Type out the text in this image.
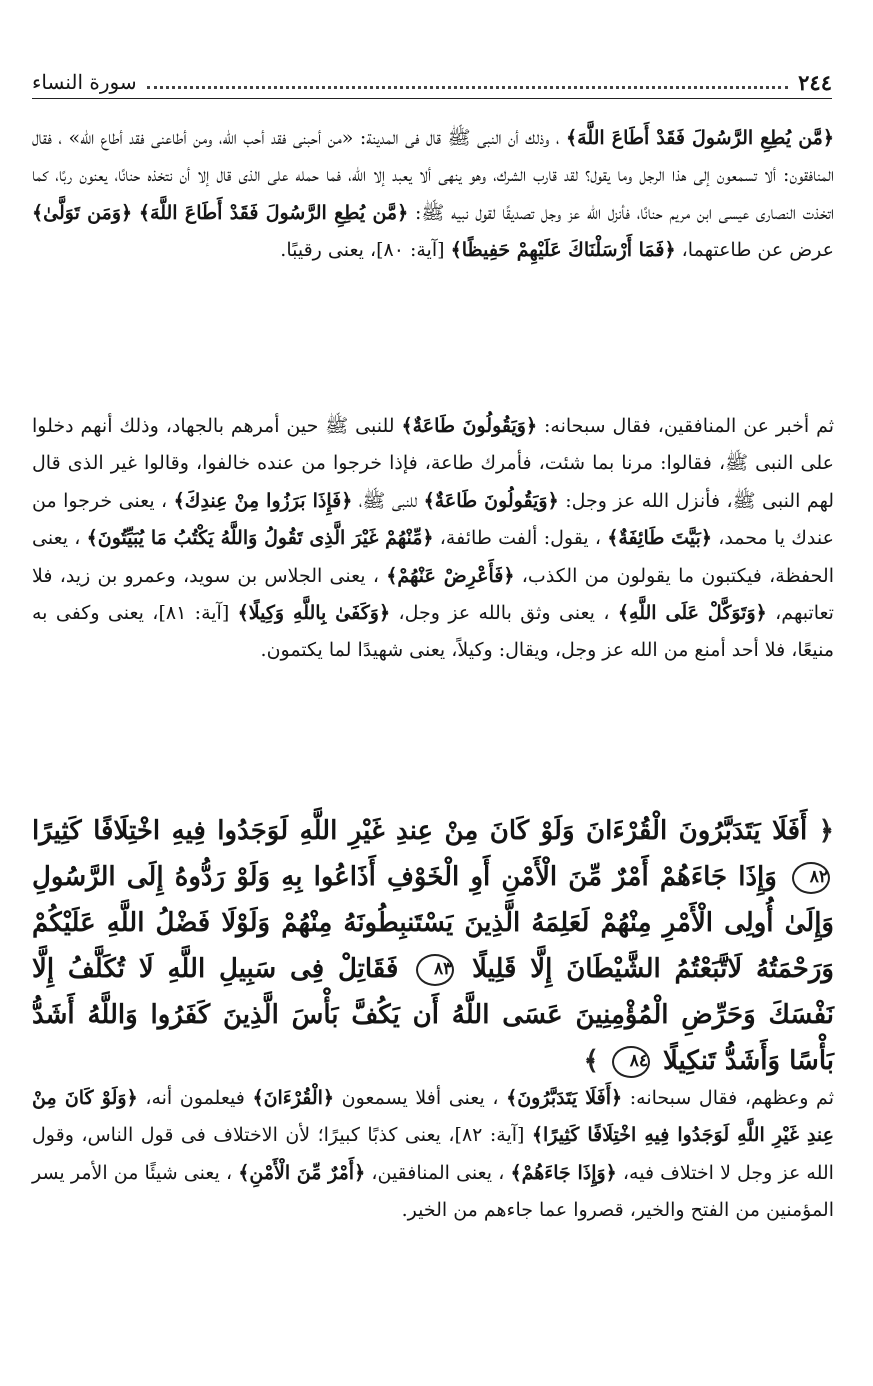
٢٤٤
سورة النساء
﴿مَّن يُطِعِ الرَّسُولَ فَقَدْ أَطَاعَ اللَّهَ﴾ ، وذلك أن النبى ﷺ قال فى المدينة: «من أحبنى فقد أحب الله، ومن أطاعنى فقد أطاع الله» ، فقال المنافقون: ألا تسمعون إلى هذا الرجل وما يقول؟ لقد قارب الشرك، وهو ينهى ألا يعبد إلا الله، فما حمله على الذى قال إلا أن نتخذه حنانًا، يعنون ربًا، كما اتخذت النصارى عيسى ابن مريم حنانًا، فأنزل الله عز وجل تصديقًا لقول نبيه ﷺ: ﴿مَّن يُطِعِ الرَّسُولَ فَقَدْ أَطَاعَ اللَّهَ﴾ ﴿وَمَن تَوَلَّىٰ﴾ عرض عن طاعتهما، ﴿فَمَا أَرْسَلْنَاكَ عَلَيْهِمْ حَفِيظًا﴾ [آية: ٨٠]، يعنى رقيبًا.
ثم أخبر عن المنافقين، فقال سبحانه: ﴿وَيَقُولُونَ طَاعَةٌ﴾ للنبى ﷺ حين أمرهم بالجهاد، وذلك أنهم دخلوا على النبى ﷺ، فقالوا: مرنا بما شئت، فأمرك طاعة، فإذا خرجوا من عنده خالفوا، وقالوا غير الذى قال لهم النبى ﷺ، فأنزل الله عز وجل: ﴿وَيَقُولُونَ طَاعَةٌ﴾ للنبى ﷺ، ﴿فَإِذَا بَرَزُوا مِنْ عِندِكَ﴾ ، يعنى خرجوا من عندك يا محمد، ﴿بَيَّتَ طَائِفَةٌ﴾ ، يقول: ألفت طائفة، ﴿مِّنْهُمْ غَيْرَ الَّذِى تَقُولُ وَاللَّهُ يَكْتُبُ مَا يُبَيِّتُونَ﴾ ، يعنى الحفظة، فيكتبون ما يقولون من الكذب، ﴿فَأَعْرِضْ عَنْهُمْ﴾ ، يعنى الجلاس بن سويد، وعمرو بن زيد، فلا تعاتبهم، ﴿وَتَوَكَّلْ عَلَى اللَّهِ﴾ ، يعنى وثق بالله عز وجل، ﴿وَكَفَىٰ بِاللَّهِ وَكِيلًا﴾ [آية: ٨١]، يعنى وكفى به منيعًا، فلا أحد أمنع من الله عز وجل، ويقال: وكيلاً، يعنى شهيدًا لما يكتمون.
﴿ أَفَلَا يَتَدَبَّرُونَ الْقُرْءَانَ وَلَوْ كَانَ مِنْ عِندِ غَيْرِ اللَّهِ لَوَجَدُوا فِيهِ اخْتِلَافًا كَثِيرًا ٨٢ وَإِذَا جَاءَهُمْ أَمْرٌ مِّنَ الْأَمْنِ أَوِ الْخَوْفِ أَذَاعُوا بِهِ وَلَوْ رَدُّوهُ إِلَى الرَّسُولِ وَإِلَىٰ أُولِى الْأَمْرِ مِنْهُمْ لَعَلِمَهُ الَّذِينَ يَسْتَنبِطُونَهُ مِنْهُمْ وَلَوْلَا فَضْلُ اللَّهِ عَلَيْكُمْ وَرَحْمَتُهُ لَاتَّبَعْتُمُ الشَّيْطَانَ إِلَّا قَلِيلًا ٨٣ فَقَاتِلْ فِى سَبِيلِ اللَّهِ لَا تُكَلَّفُ إِلَّا نَفْسَكَ وَحَرِّضِ الْمُؤْمِنِينَ عَسَى اللَّهُ أَن يَكُفَّ بَأْسَ الَّذِينَ كَفَرُوا وَاللَّهُ أَشَدُّ بَأْسًا وَأَشَدُّ تَنكِيلًا ٨٤ ﴾
ثم وعظهم، فقال سبحانه: ﴿أَفَلَا يَتَدَبَّرُونَ﴾ ، يعنى أفلا يسمعون ﴿الْقُرْءَانَ﴾ فيعلمون أنه، ﴿وَلَوْ كَانَ مِنْ عِندِ غَيْرِ اللَّهِ لَوَجَدُوا فِيهِ اخْتِلَافًا كَثِيرًا﴾ [آية: ٨٢]، يعنى كذبًا كبيرًا؛ لأن الاختلاف فى قول الناس، وقول الله عز وجل لا اختلاف فيه، ﴿وَإِذَا جَاءَهُمْ﴾ ، يعنى المنافقين، ﴿أَمْرٌ مِّنَ الْأَمْنِ﴾ ، يعنى شيئًا من الأمر يسر المؤمنين من الفتح والخير، قصروا عما جاءهم من الخير.
